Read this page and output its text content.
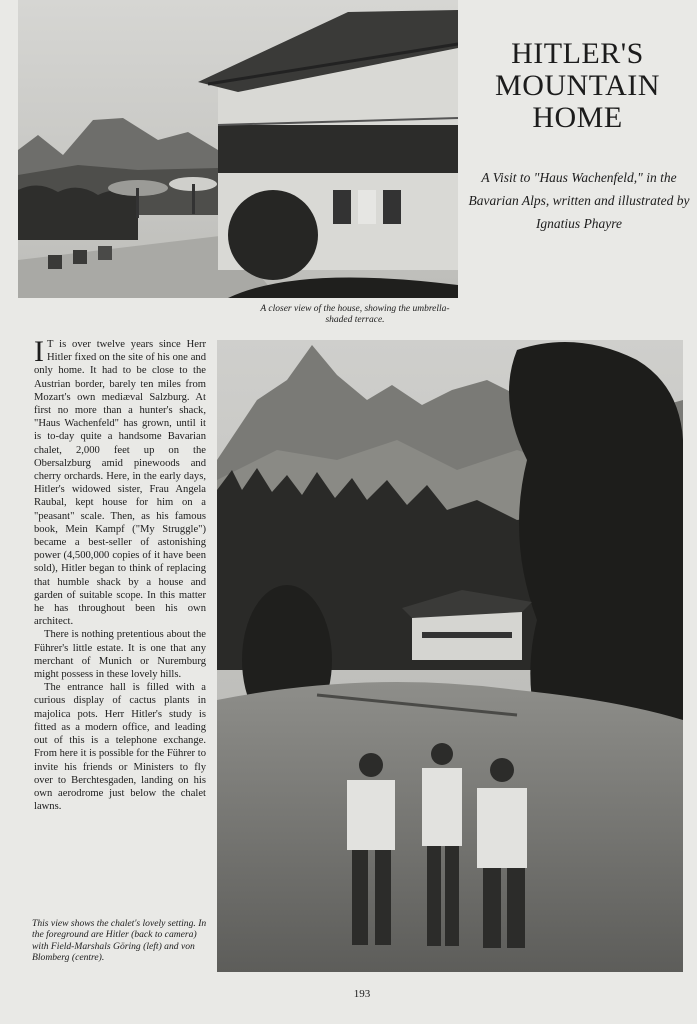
HITLER'S
MOUNTAIN
HOME

A Visit to "Haus Wachenfeld," in the Bavarian Alps, written and illustrated by Ignatius Phayre

A closer view of the house, showing the umbrella-shaded terrace.

I T is over twelve years since Herr Hitler fixed on the site of his one and only home. It had to be close to the Austrian border, barely ten miles from Mozart's own mediæval Salzburg. At first no more than a hunter's shack, "Haus Wachenfeld" has grown, until it is to-day quite a handsome Bavarian chalet, 2,000 feet up on the Obersalzburg amid pinewoods and cherry orchards. Here, in the early days, Hitler's widowed sister, Frau Angela Raubal, kept house for him on a "peasant" scale. Then, as his famous book, Mein Kampf ("My Struggle") became a best-seller of astonishing power (4,500,000 copies of it have been sold), Hitler began to think of replacing that humble shack by a house and garden of suitable scope. In this matter he has throughout been his own architect.

There is nothing pretentious about the Führer's little estate. It is one that any merchant of Munich or Nuremburg might possess in these lovely hills.

The entrance hall is filled with a curious display of cactus plants in majolica pots. Herr Hitler's study is fitted as a modern office, and leading out of this is a telephone exchange. From here it is possible for the Führer to invite his friends or Ministers to fly over to Berchtesgaden, landing on his own aerodrome just below the chalet lawns.

This view shows the chalet's lovely setting. In the foreground are Hitler (back to camera) with Field-Marshals Göring (left) and von Blomberg (centre).

193
